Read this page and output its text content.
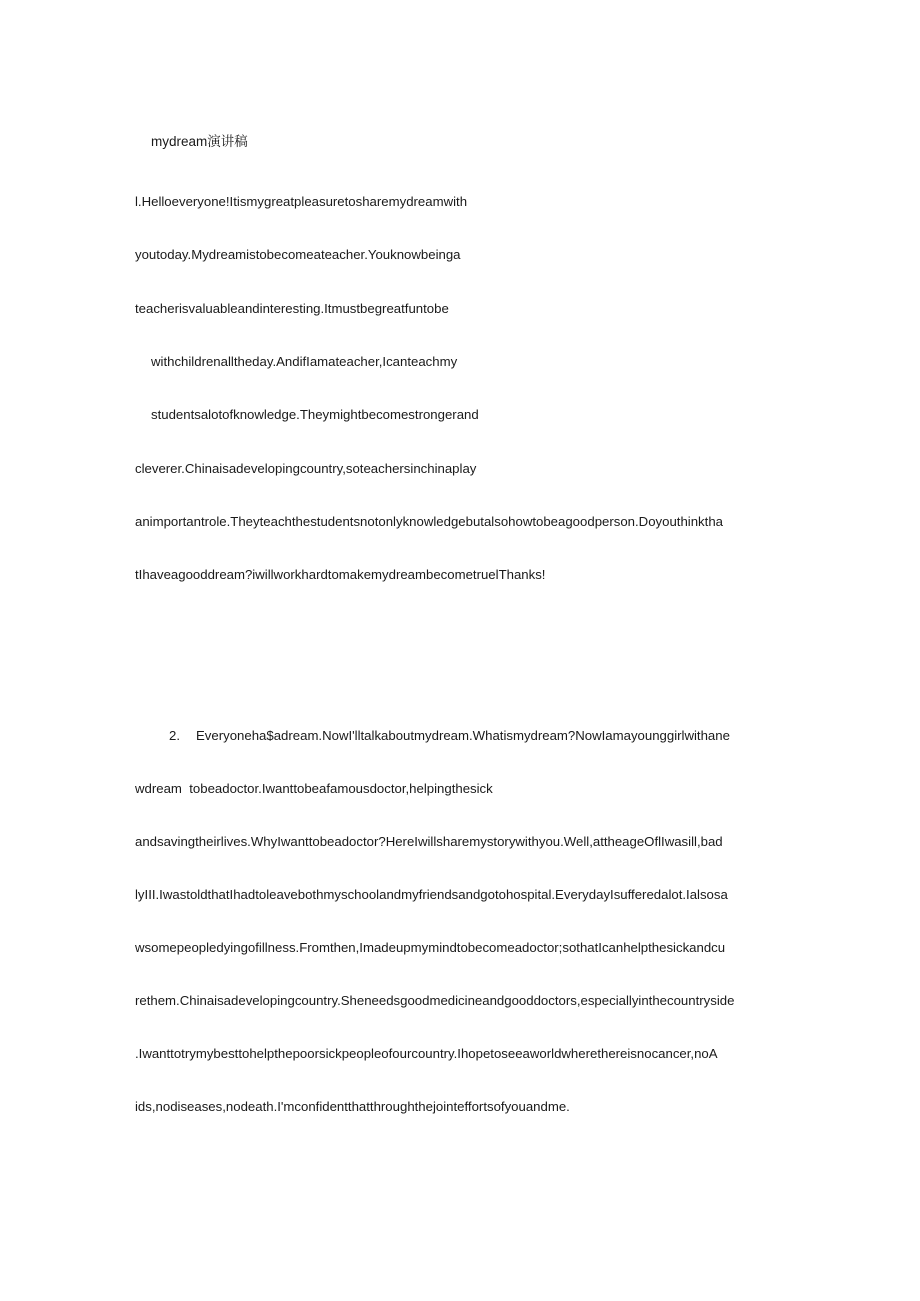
mydream演讲稿
l.Helloeveryone!Itismygreatpleasuretosharemydreamwith
youtoday.Mydreamistobecomeateacher.Youknowbeinga
teacherisvaluableandinteresting.Itmustbegreatfuntobe
withchildrenalltheday.AndifIamateacher,Icanteachmy
studentsalotofknowledge.Theymightbecomestrongerand
cleverer.Chinaisadevelopingcountry,soteachersinchinaplay
animportantrole.Theyteachthestudentsnotonlyknowledgebutalsohowtobeagoodperson.Doyouthinktha
tIhaveagooddream?iwillworkhardtomakemydreambecometruelThanks!
2. Everyoneha$adream.NowI'lltalkaboutmydream.Whatismydream?NowIamayounggirlwithane
wdream  tobeadoctor.Iwanttobeafamousdoctor,helpingthesick
andsavingtheirlives.WhyIwanttobeadoctor?HereIwillsharemystorywithyou.Well,attheageOflIwasill,bad
lyIII.IwastoldthatIhadtoleavebothmyschoolandmyfriendsandgotohospital.EverydayIsufferedalot.Ialsosa
wsomepeopledyingofillness.Fromthen,Imadeupmymindtobecomeadoctor;sothatIcanhelpthesickandcu
rethem.Chinaisadevelopingcountry.Sheneedsgoodmedicineandgooddoctors,especiallyinthecountryside
.Iwanttotrymybesttohelpthepoorsickpeopleofourcountry.Ihopetoseeaworldwherethereisnocancer,noA
ids,nodiseases,nodeath.I'mconfidentthatthroughthejointeffortsofyouandme.
